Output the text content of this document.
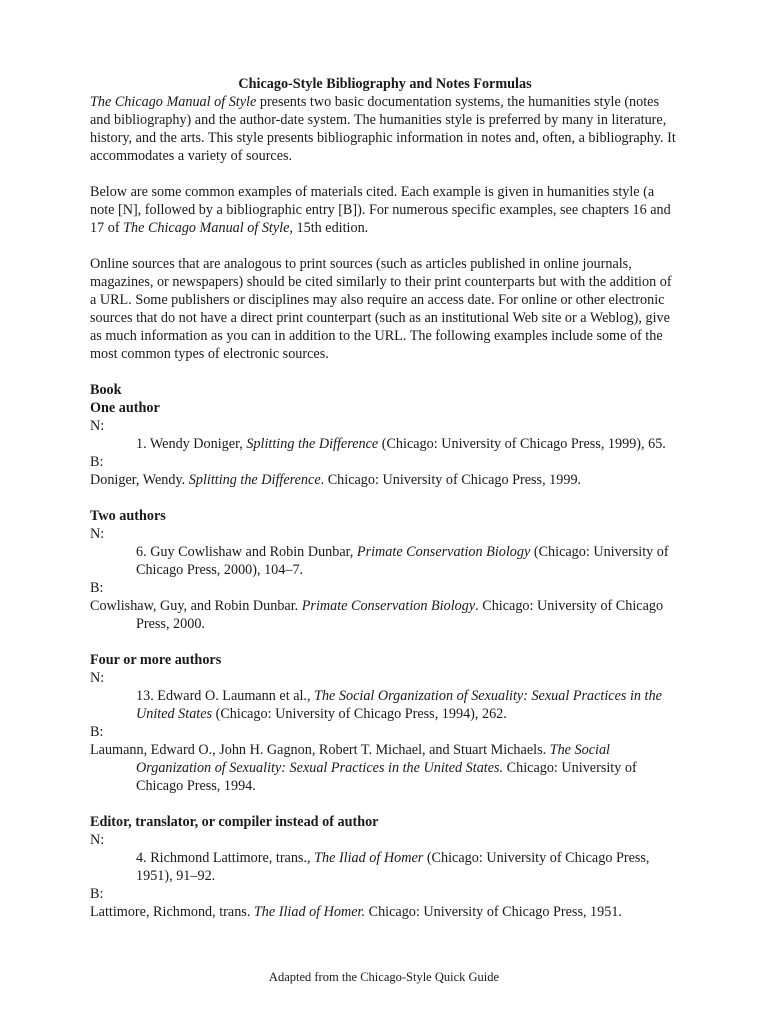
Chicago-Style Bibliography and Notes Formulas

The Chicago Manual of Style presents two basic documentation systems, the humanities style (notes and bibliography) and the author-date system. The humanities style is preferred by many in literature, history, and the arts. This style presents bibliographic information in notes and, often, a bibliography. It accommodates a variety of sources.

Below are some common examples of materials cited. Each example is given in humanities style (a note [N], followed by a bibliographic entry [B]). For numerous specific examples, see chapters 16 and 17 of The Chicago Manual of Style, 15th edition.

Online sources that are analogous to print sources (such as articles published in online journals, magazines, or newspapers) should be cited similarly to their print counterparts but with the addition of a URL. Some publishers or disciplines may also require an access date. For online or other electronic sources that do not have a direct print counterpart (such as an institutional Web site or a Weblog), give as much information as you can in addition to the URL. The following examples include some of the most common types of electronic sources.

Book

One author

N:

1. Wendy Doniger, Splitting the Difference (Chicago: University of Chicago Press, 1999), 65.

B:

Doniger, Wendy. Splitting the Difference. Chicago: University of Chicago Press, 1999.

Two authors

N:

6. Guy Cowlishaw and Robin Dunbar, Primate Conservation Biology (Chicago: University of Chicago Press, 2000), 104–7.

B:

Cowlishaw, Guy, and Robin Dunbar. Primate Conservation Biology. Chicago: University of Chicago Press, 2000.

Four or more authors

N:

13. Edward O. Laumann et al., The Social Organization of Sexuality: Sexual Practices in the United States (Chicago: University of Chicago Press, 1994), 262.

B:

Laumann, Edward O., John H. Gagnon, Robert T. Michael, and Stuart Michaels. The Social Organization of Sexuality: Sexual Practices in the United States. Chicago: University of Chicago Press, 1994.

Editor, translator, or compiler instead of author

N:

4. Richmond Lattimore, trans., The Iliad of Homer (Chicago: University of Chicago Press, 1951), 91–92.

B:

Lattimore, Richmond, trans. The Iliad of Homer. Chicago: University of Chicago Press, 1951.

Adapted from the Chicago-Style Quick Guide
